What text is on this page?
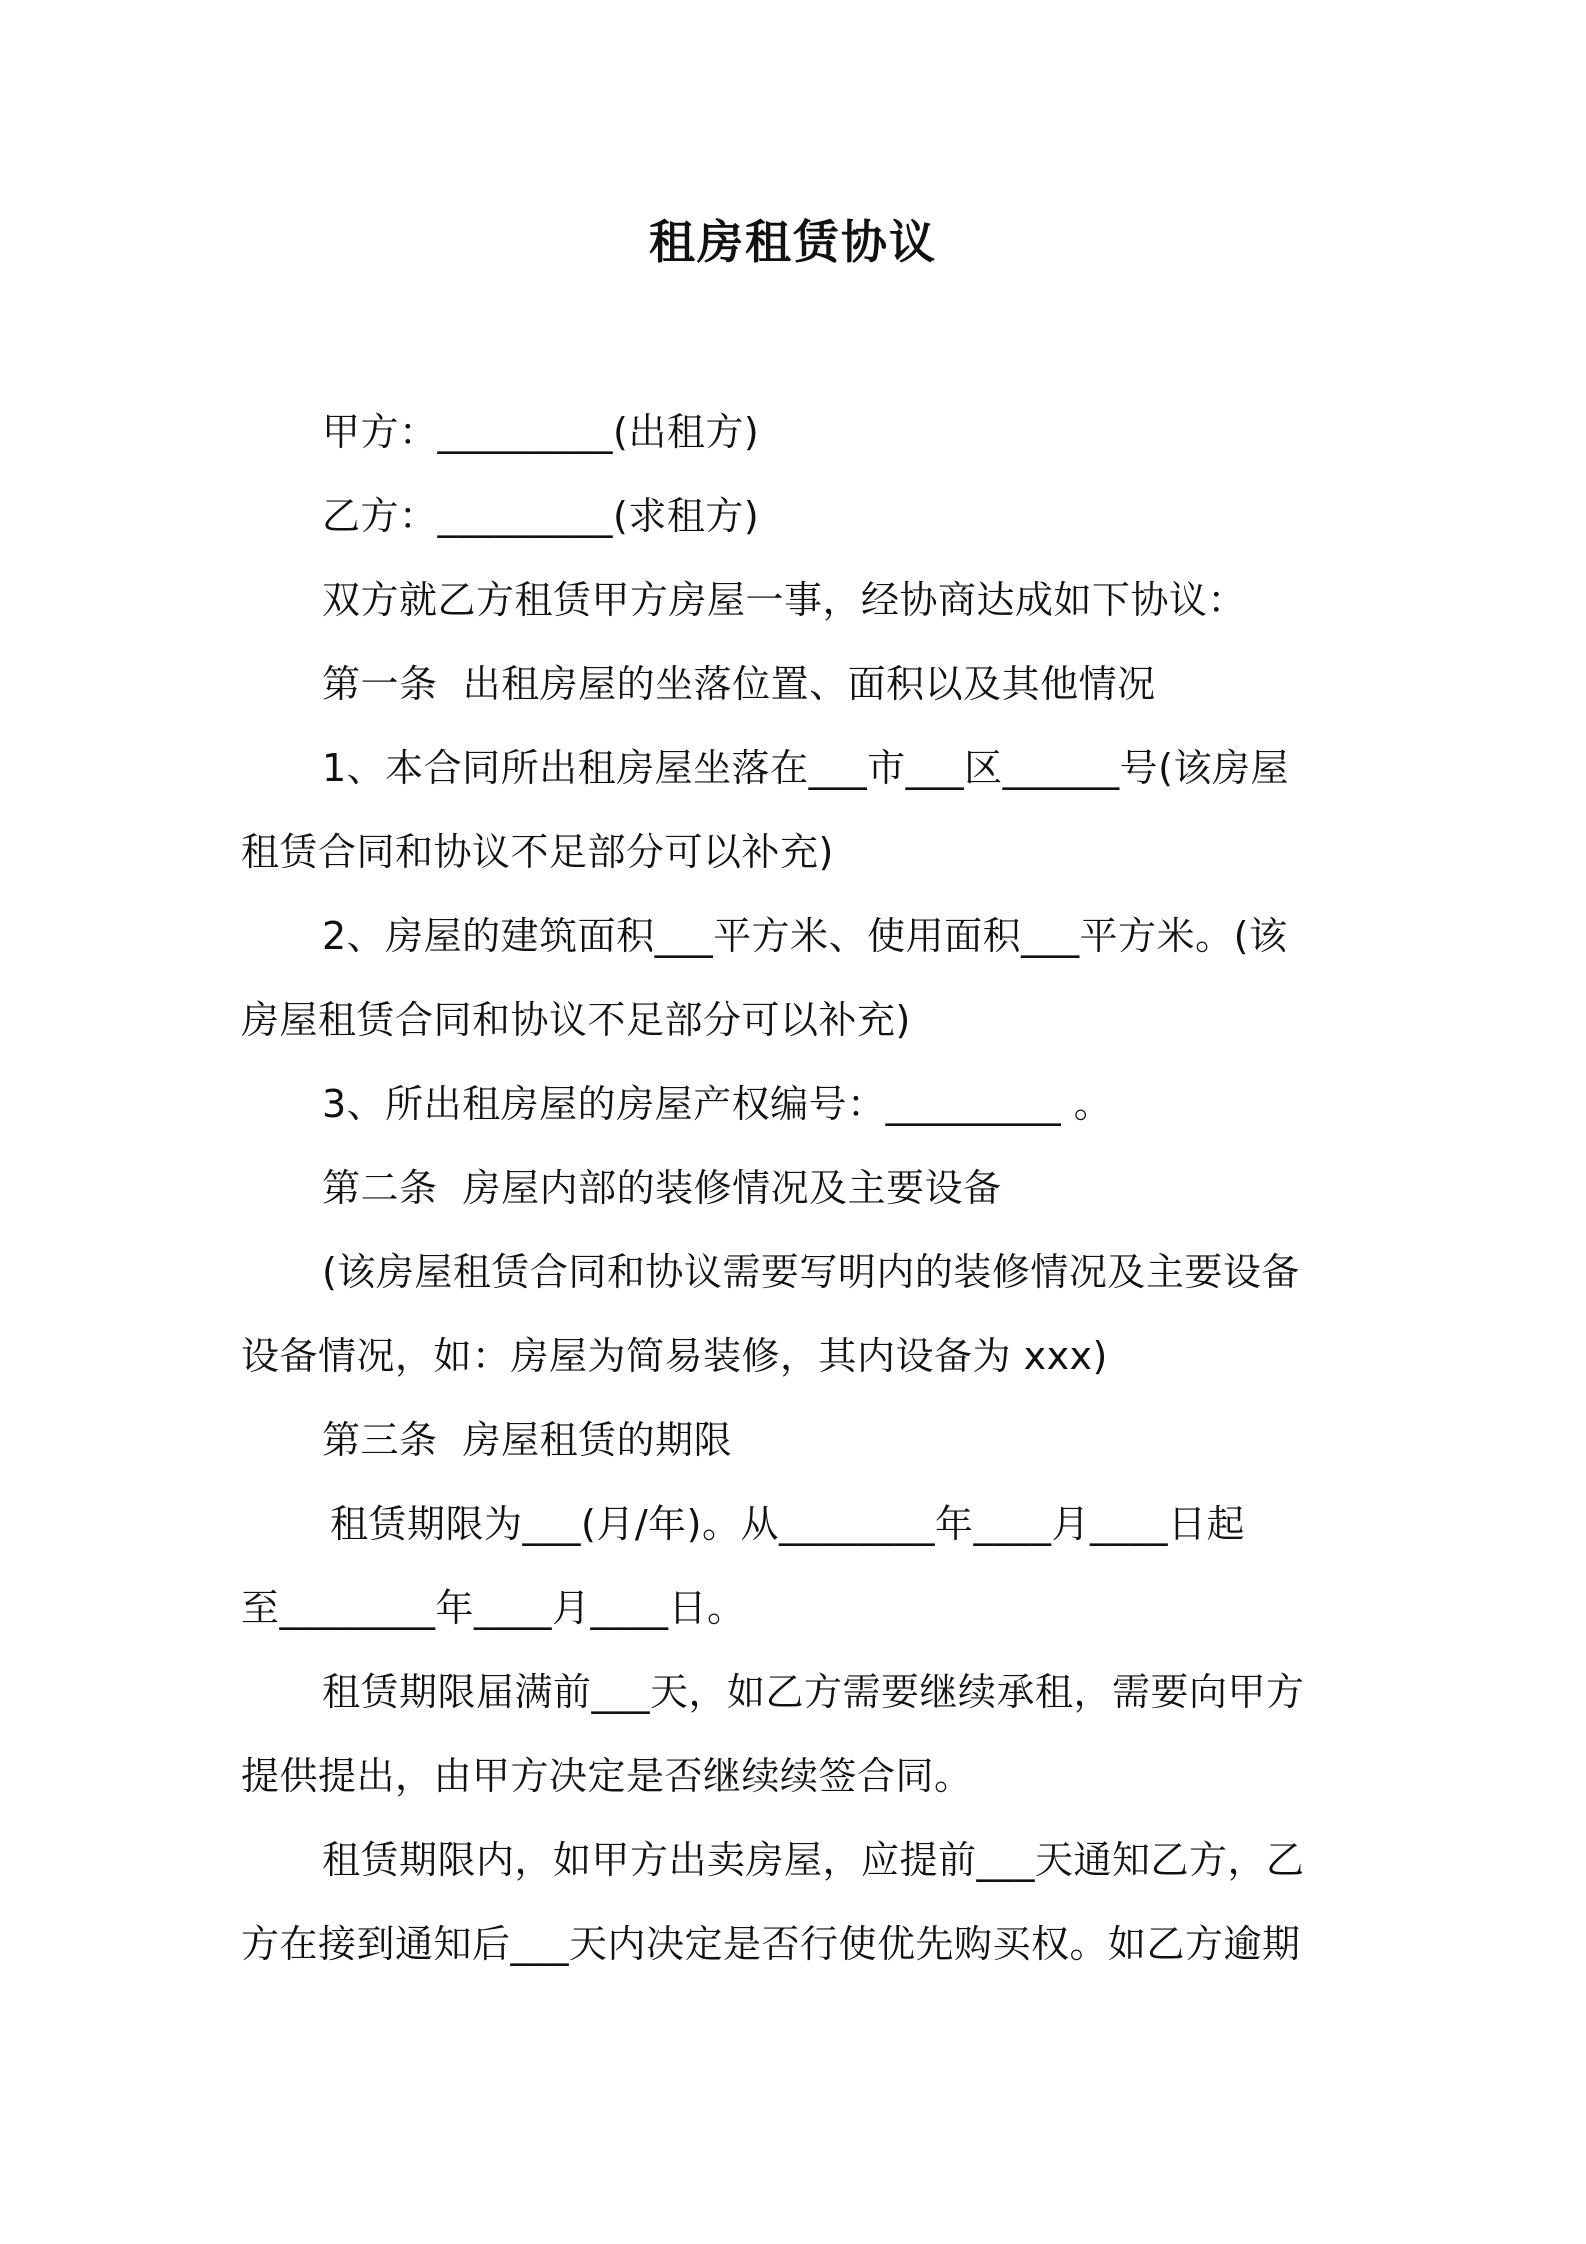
租房租赁协议
甲方：_________(出租方)
乙方：_________(求租方)
双方就乙方租赁甲方房屋一事，经协商达成如下协议：
第一条  出租房屋的坐落位置、面积以及其他情况
1、本合同所出租房屋坐落在___市___区______号(该房屋
租赁合同和协议不足部分可以补充)
2、房屋的建筑面积___平方米、使用面积___平方米。(该
房屋租赁合同和协议不足部分可以补充)
3、所出租房屋的房屋产权编号：_________ 。
第二条  房屋内部的装修情况及主要设备
(该房屋租赁合同和协议需要写明内的装修情况及主要设备
设备情况，如：房屋为简易装修，其内设备为 xxx)
第三条  房屋租赁的期限
租赁期限为___(月/年)。从________年____月____日起
至________年____月____日。
租赁期限届满前___天，如乙方需要继续承租，需要向甲方
提供提出，由甲方决定是否继续续签合同。
租赁期限内，如甲方出卖房屋，应提前___天通知乙方，乙
方在接到通知后___天内决定是否行使优先购买权。如乙方逾期
